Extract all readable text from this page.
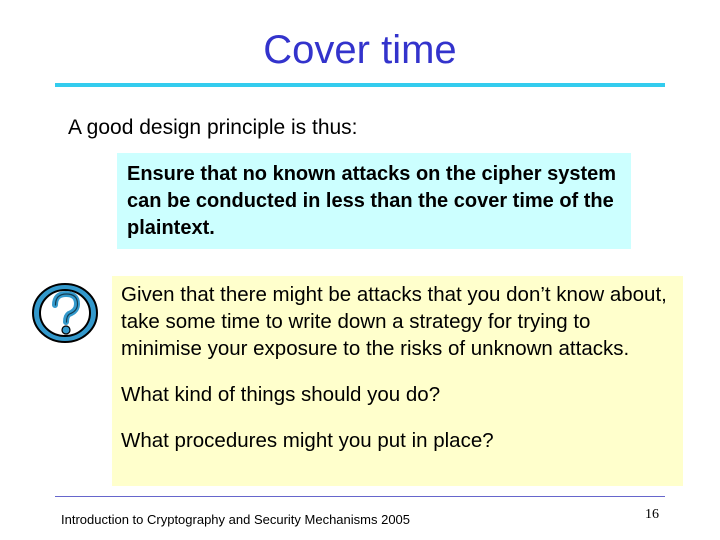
Cover time
A good design principle is thus:
Ensure that no known attacks on the cipher system can be conducted in less than the cover time of the plaintext.

Given that there might be attacks that you don’t know about, take some time to write down a strategy for trying to minimise your exposure to the risks of unknown attacks.

What kind of things should you do?

What procedures might you put in place?

Introduction to Cryptography and Security Mechanisms 2005	16
